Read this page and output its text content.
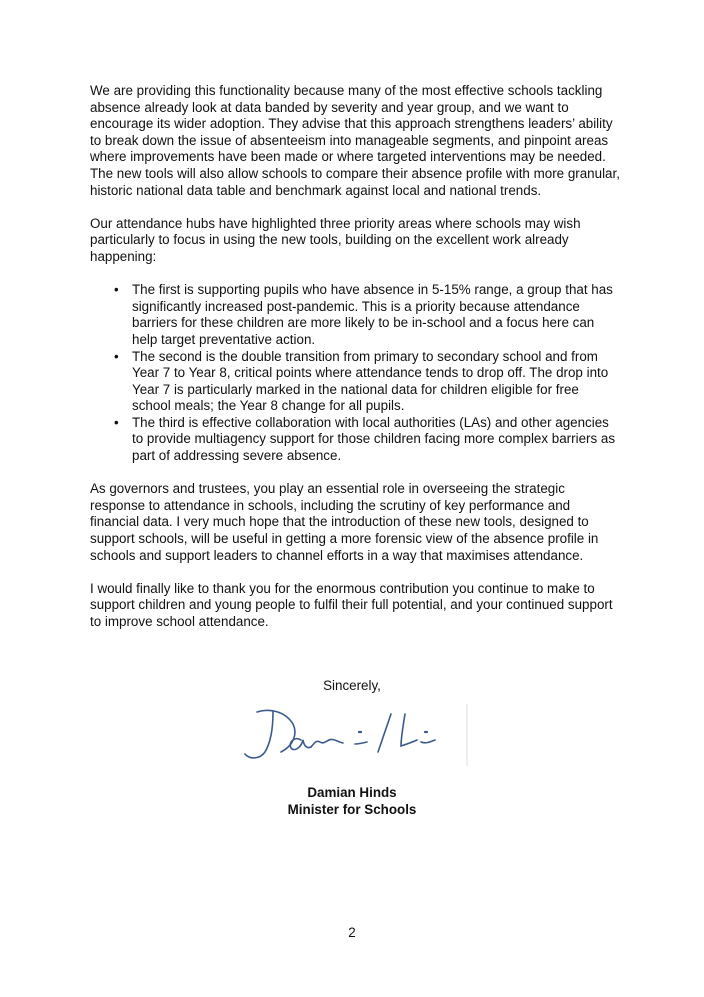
We are providing this functionality because many of the most effective schools tackling absence already look at data banded by severity and year group, and we want to encourage its wider adoption. They advise that this approach strengthens leaders’ ability to break down the issue of absenteeism into manageable segments, and pinpoint areas where improvements have been made or where targeted interventions may be needed. The new tools will also allow schools to compare their absence profile with more granular, historic national data table and benchmark against local and national trends.

Our attendance hubs have highlighted three priority areas where schools may wish particularly to focus in using the new tools, building on the excellent work already happening:

• The first is supporting pupils who have absence in 5-15% range, a group that has significantly increased post-pandemic. This is a priority because attendance barriers for these children are more likely to be in-school and a focus here can help target preventative action.
• The second is the double transition from primary to secondary school and from Year 7 to Year 8, critical points where attendance tends to drop off. The drop into Year 7 is particularly marked in the national data for children eligible for free school meals; the Year 8 change for all pupils.
• The third is effective collaboration with local authorities (LAs) and other agencies to provide multiagency support for those children facing more complex barriers as part of addressing severe absence.

As governors and trustees, you play an essential role in overseeing the strategic response to attendance in schools, including the scrutiny of key performance and financial data. I very much hope that the introduction of these new tools, designed to support schools, will be useful in getting a more forensic view of the absence profile in schools and support leaders to channel efforts in a way that maximises attendance.

I would finally like to thank you for the enormous contribution you continue to make to support children and young people to fulfil their full potential, and your continued support to improve school attendance.

Sincerely,
Damian Hinds
Minister for Schools
2
